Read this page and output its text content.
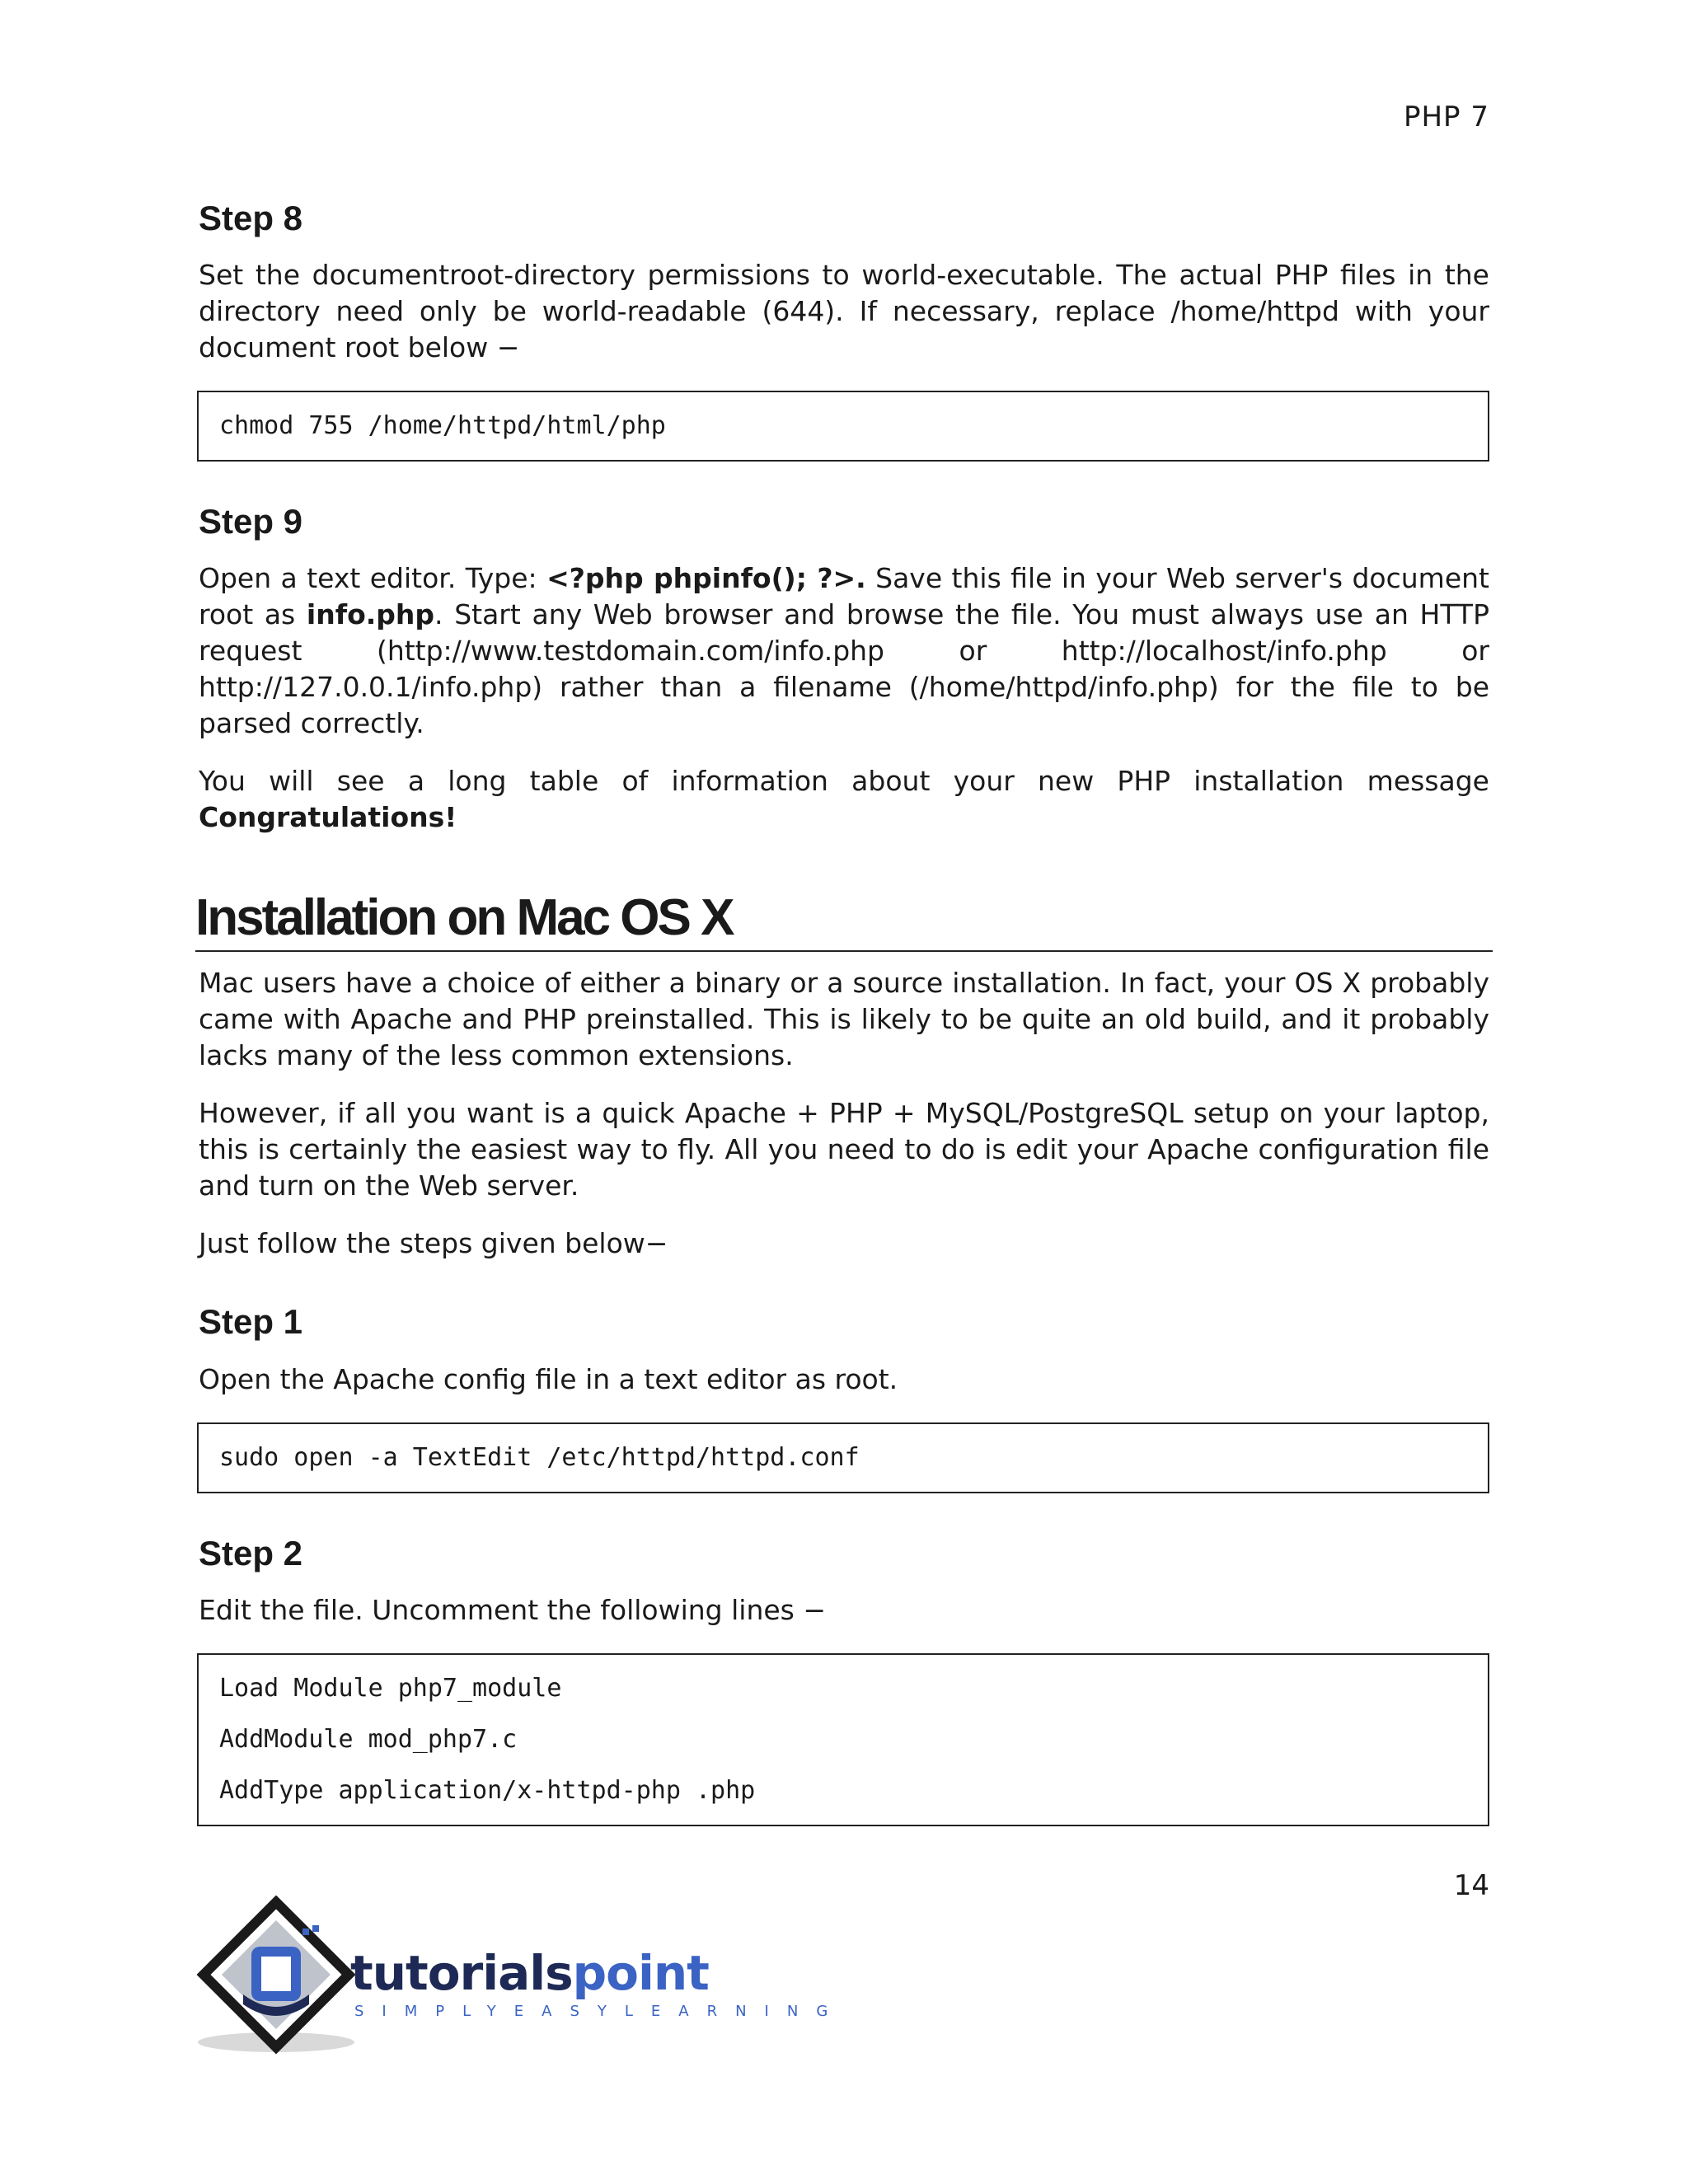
PHP 7
Step 8

Set the documentroot-directory permissions to world-executable. The actual PHP files in the directory need only be world-readable (644). If necessary, replace /home/httpd with your document root below −

chmod 755 /home/httpd/html/php
Step 9

Open a text editor. Type: <?php phpinfo(); ?>. Save this file in your Web server's document root as info.php. Start any Web browser and browse the file. You must always use an HTTP request (http://www.testdomain.com/info.php or http://localhost/info.php or http://127.0.0.1/info.php) rather than a filename (/home/httpd/info.php) for the file to be parsed correctly.

You will see a long table of information about your new PHP installation message Congratulations!

Installation on Mac OS X

Mac users have a choice of either a binary or a source installation. In fact, your OS X probably came with Apache and PHP preinstalled. This is likely to be quite an old build, and it probably lacks many of the less common extensions.

However, if all you want is a quick Apache + PHP + MySQL/PostgreSQL setup on your laptop, this is certainly the easiest way to fly. All you need to do is edit your Apache configuration file and turn on the Web server.

Just follow the steps given below−

Step 1

Open the Apache config file in a text editor as root.

sudo open -a TextEdit /etc/httpd/httpd.conf
Step 2

Edit the file. Uncomment the following lines −

Load Module php7_module
AddModule mod_php7.c
AddType application/x-httpd-php .php
14
tutorialspoint
SIMPLYEASYLEARNING
